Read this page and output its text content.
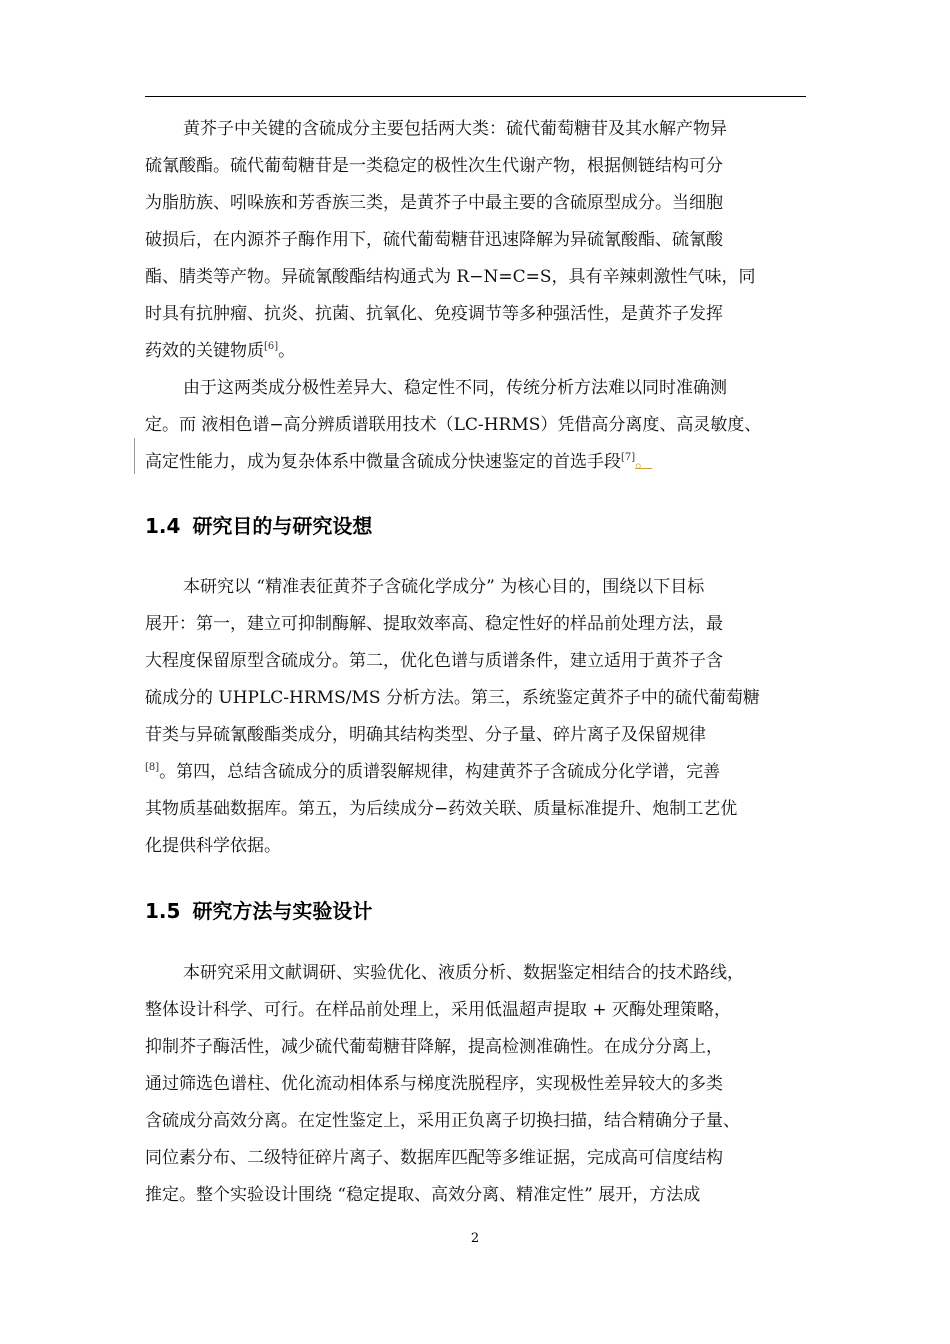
黄芥子中关键的含硫成分主要包括两大类：硫代葡萄糖苷及其水解产物异
硫氰酸酯。硫代葡萄糖苷是一类稳定的极性次生代谢产物，根据侧链结构可分
为脂肪族、吲哚族和芳香族三类，是黄芥子中最主要的含硫原型成分。当细胞
破损后，在内源芥子酶作用下，硫代葡萄糖苷迅速降解为异硫氰酸酯、硫氰酸
酯、腈类等产物。异硫氰酸酯结构通式为 R−N=C=S，具有辛辣刺激性气味，同
时具有抗肿瘤、抗炎、抗菌、抗氧化、免疫调节等多种强活性，是黄芥子发挥
药效的关键物质[6]。

由于这两类成分极性差异大、稳定性不同，传统分析方法难以同时准确测
定。而 液相色谱−高分辨质谱联用技术（LC-HRMS）凭借高分离度、高灵敏度、
高定性能力，成为复杂体系中微量含硫成分快速鉴定的首选手段[7]。

1.4 研究目的与研究设想

本研究以 “精准表征黄芥子含硫化学成分” 为核心目的，围绕以下目标
展开：第一，建立可抑制酶解、提取效率高、稳定性好的样品前处理方法，最
大程度保留原型含硫成分。第二，优化色谱与质谱条件，建立适用于黄芥子含
硫成分的 UHPLC-HRMS/MS 分析方法。第三，系统鉴定黄芥子中的硫代葡萄糖
苷类与异硫氰酸酯类成分，明确其结构类型、分子量、碎片离子及保留规律
[8]。第四，总结含硫成分的质谱裂解规律，构建黄芥子含硫成分化学谱，完善
其物质基础数据库。第五，为后续成分−药效关联、质量标准提升、炮制工艺优
化提供科学依据。

1.5 研究方法与实验设计

本研究采用文献调研、实验优化、液质分析、数据鉴定相结合的技术路线，
整体设计科学、可行。在样品前处理上，采用低温超声提取 + 灭酶处理策略，
抑制芥子酶活性，减少硫代葡萄糖苷降解，提高检测准确性。在成分分离上，
通过筛选色谱柱、优化流动相体系与梯度洗脱程序，实现极性差异较大的多类
含硫成分高效分离。在定性鉴定上，采用正负离子切换扫描，结合精确分子量、
同位素分布、二级特征碎片离子、数据库匹配等多维证据，完成高可信度结构
推定。整个实验设计围绕 “稳定提取、高效分离、精准定性” 展开，方法成

2
